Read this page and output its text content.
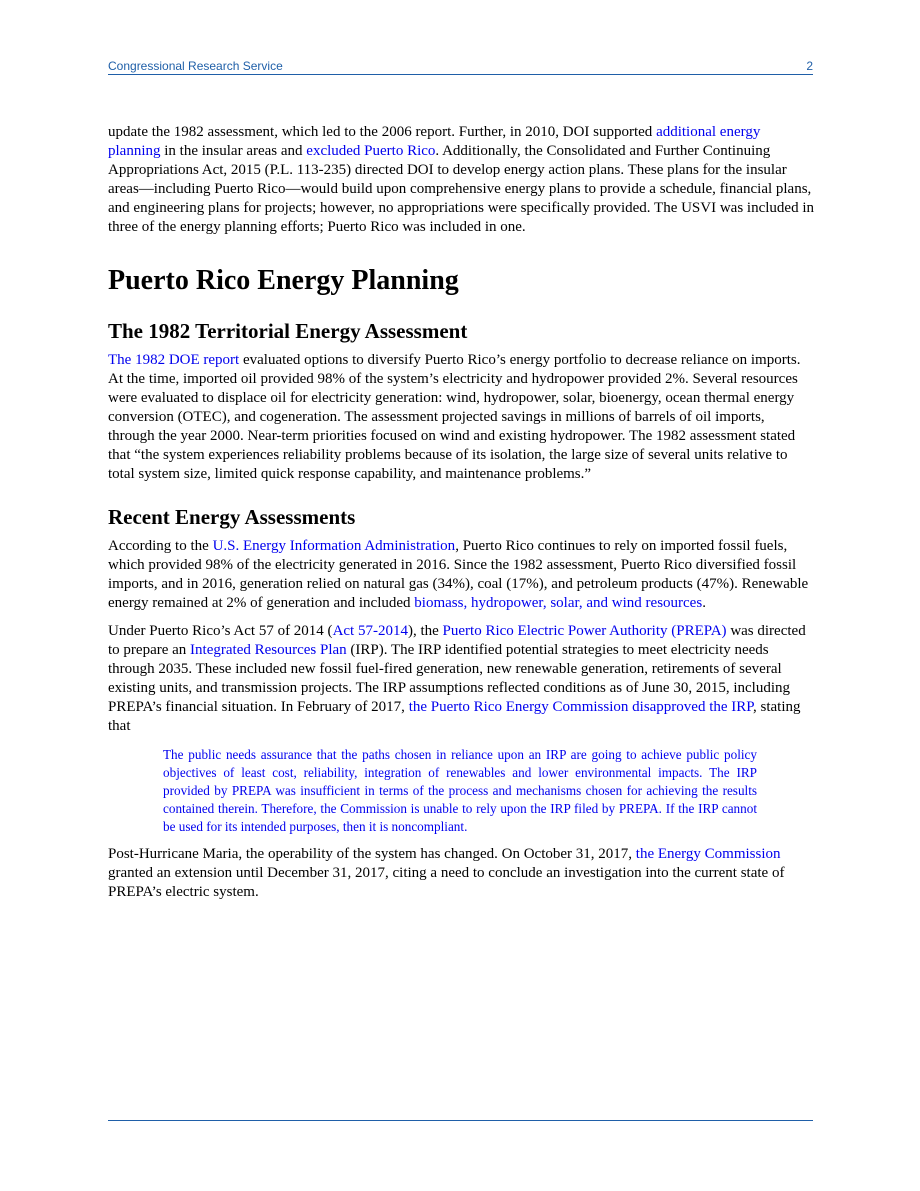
Congressional Research Service	2

update the 1982 assessment, which led to the 2006 report. Further, in 2010, DOI supported additional energy planning in the insular areas and excluded Puerto Rico. Additionally, the Consolidated and Further Continuing Appropriations Act, 2015 (P.L. 113-235) directed DOI to develop energy action plans. These plans for the insular areas—including Puerto Rico—would build upon comprehensive energy plans to provide a schedule, financial plans, and engineering plans for projects; however, no appropriations were specifically provided. The USVI was included in three of the energy planning efforts; Puerto Rico was included in one.

Puerto Rico Energy Planning
The 1982 Territorial Energy Assessment

The 1982 DOE report evaluated options to diversify Puerto Rico’s energy portfolio to decrease reliance on imports. At the time, imported oil provided 98% of the system’s electricity and hydropower provided 2%. Several resources were evaluated to displace oil for electricity generation: wind, hydropower, solar, bioenergy, ocean thermal energy conversion (OTEC), and cogeneration. The assessment projected savings in millions of barrels of oil imports, through the year 2000. Near-term priorities focused on wind and existing hydropower. The 1982 assessment stated that “the system experiences reliability problems because of its isolation, the large size of several units relative to total system size, limited quick response capability, and maintenance problems.”

Recent Energy Assessments

According to the U.S. Energy Information Administration, Puerto Rico continues to rely on imported fossil fuels, which provided 98% of the electricity generated in 2016. Since the 1982 assessment, Puerto Rico diversified fossil imports, and in 2016, generation relied on natural gas (34%), coal (17%), and petroleum products (47%). Renewable energy remained at 2% of generation and included biomass, hydropower, solar, and wind resources.

Under Puerto Rico’s Act 57 of 2014 (Act 57-2014), the Puerto Rico Electric Power Authority (PREPA) was directed to prepare an Integrated Resources Plan (IRP). The IRP identified potential strategies to meet electricity needs through 2035. These included new fossil fuel-fired generation, new renewable generation, retirements of several existing units, and transmission projects. The IRP assumptions reflected conditions as of June 30, 2015, including PREPA’s financial situation. In February of 2017, the Puerto Rico Energy Commission disapproved the IRP, stating that

The public needs assurance that the paths chosen in reliance upon an IRP are going to achieve public policy objectives of least cost, reliability, integration of renewables and lower environmental impacts. The IRP provided by PREPA was insufficient in terms of the process and mechanisms chosen for achieving the results contained therein. Therefore, the Commission is unable to rely upon the IRP filed by PREPA. If the IRP cannot be used for its intended purposes, then it is noncompliant.

Post-Hurricane Maria, the operability of the system has changed. On October 31, 2017, the Energy Commission granted an extension until December 31, 2017, citing a need to conclude an investigation into the current state of PREPA’s electric system.
